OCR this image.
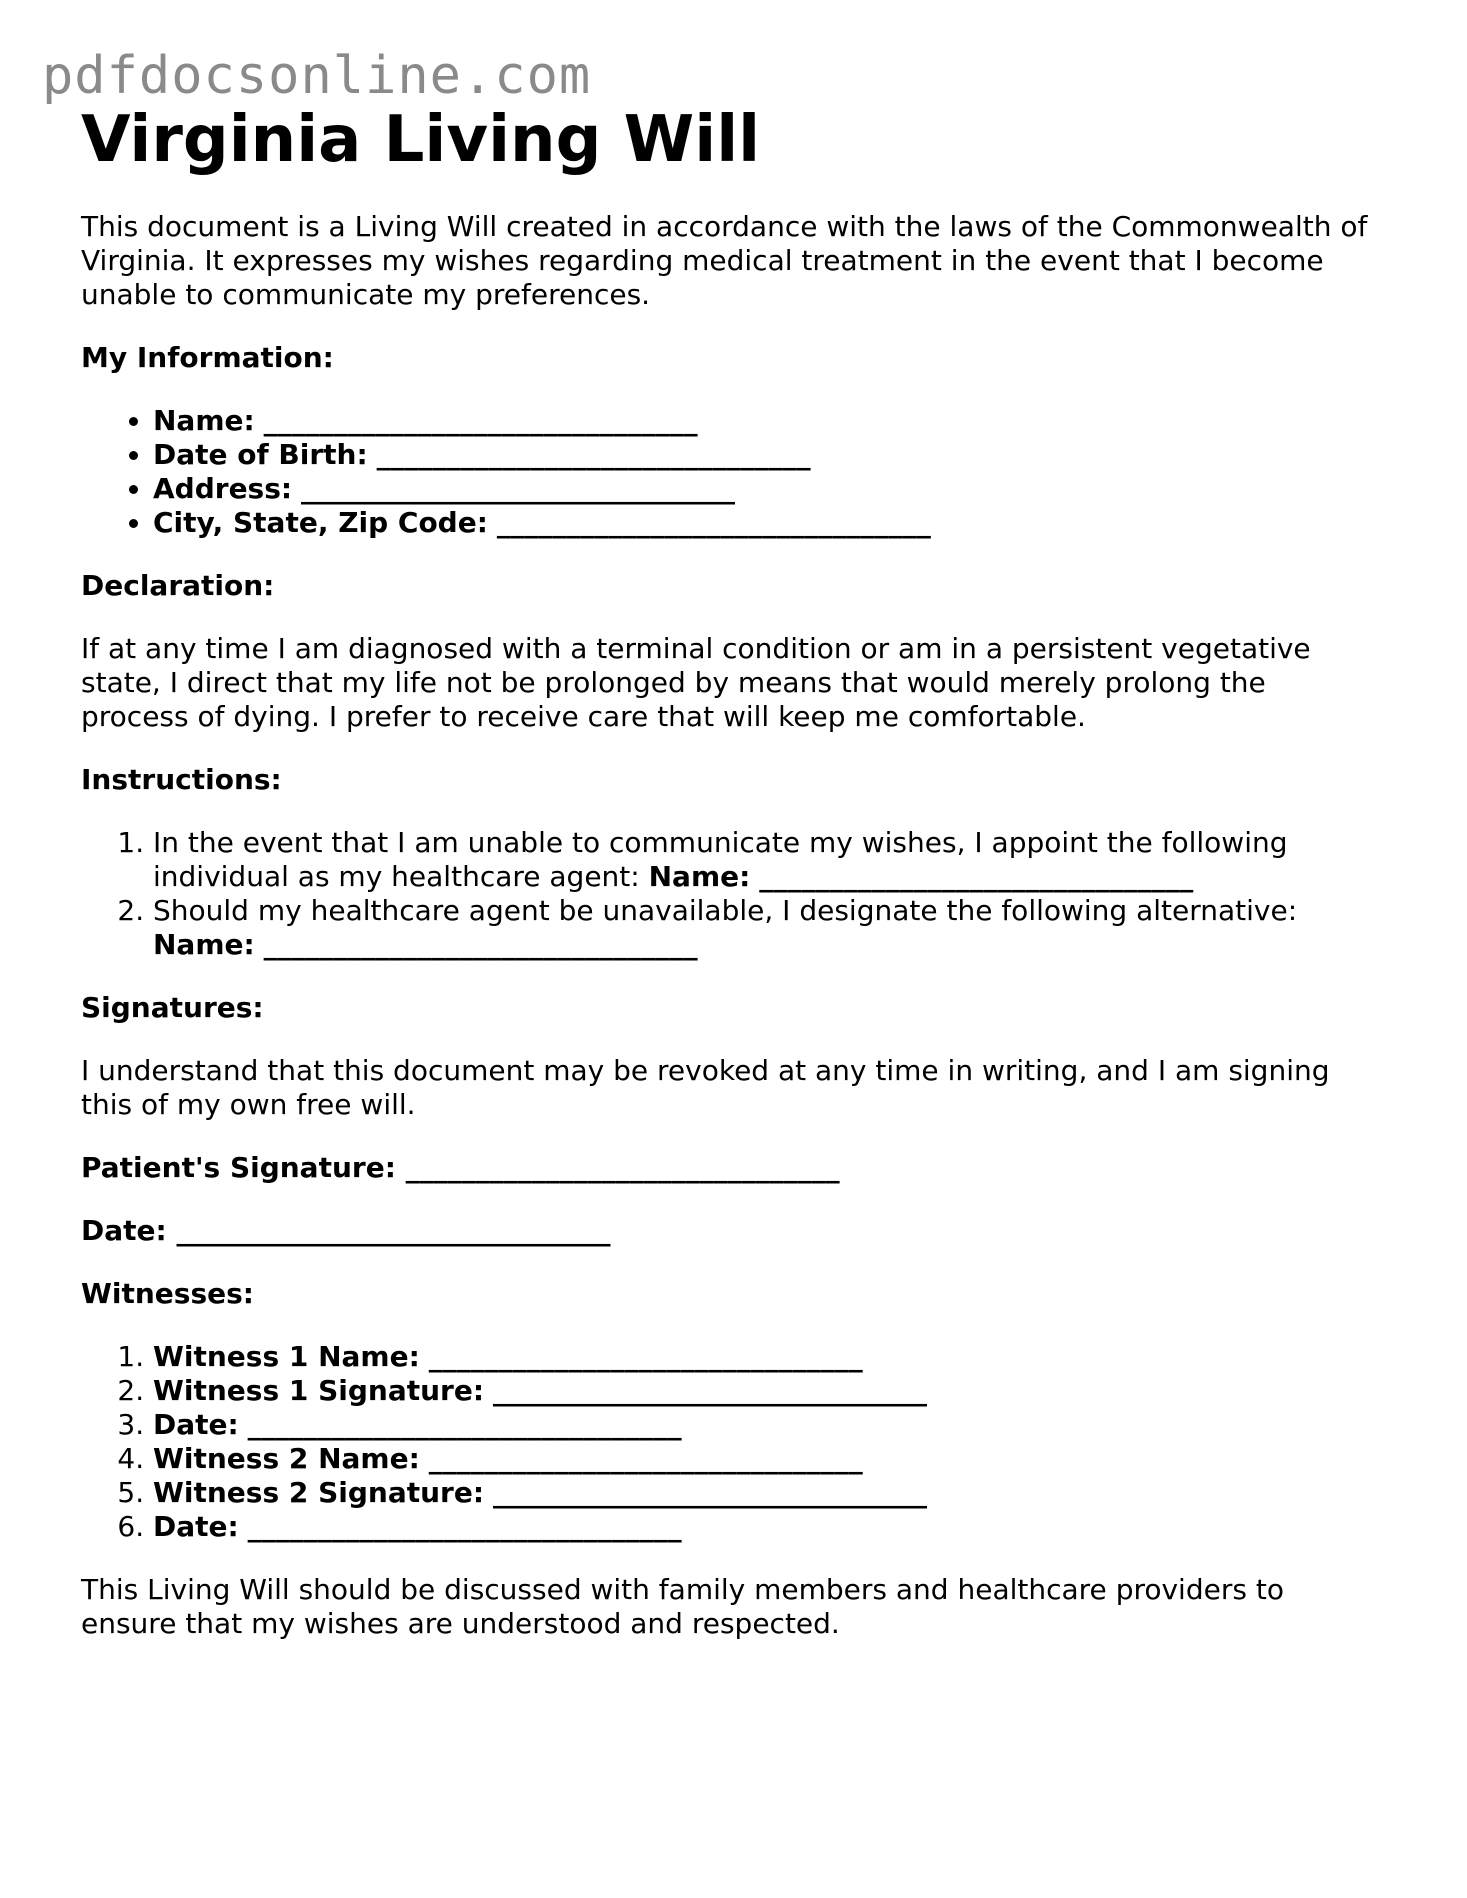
pdfdocsonline.com
Virginia Living Will

This document is a Living Will created in accordance with the laws of the Commonwealth of Virginia. It expresses my wishes regarding medical treatment in the event that I become unable to communicate my preferences.

My Information:

• Name: _______________________________
• Date of Birth: _______________________________
• Address: _______________________________
• City, State, Zip Code: _______________________________

Declaration:

If at any time I am diagnosed with a terminal condition or am in a persistent vegetative state, I direct that my life not be prolonged by means that would merely prolong the process of dying. I prefer to receive care that will keep me comfortable.

Instructions:

1. In the event that I am unable to communicate my wishes, I appoint the following individual as my healthcare agent: Name: _______________________________
2. Should my healthcare agent be unavailable, I designate the following alternative: Name: _______________________________

Signatures:

I understand that this document may be revoked at any time in writing, and I am signing this of my own free will.

Patient's Signature: _______________________________

Date: _______________________________

Witnesses:

1. Witness 1 Name: _______________________________
2. Witness 1 Signature: _______________________________
3. Date: _______________________________
4. Witness 2 Name: _______________________________
5. Witness 2 Signature: _______________________________
6. Date: _______________________________

This Living Will should be discussed with family members and healthcare providers to ensure that my wishes are understood and respected.
